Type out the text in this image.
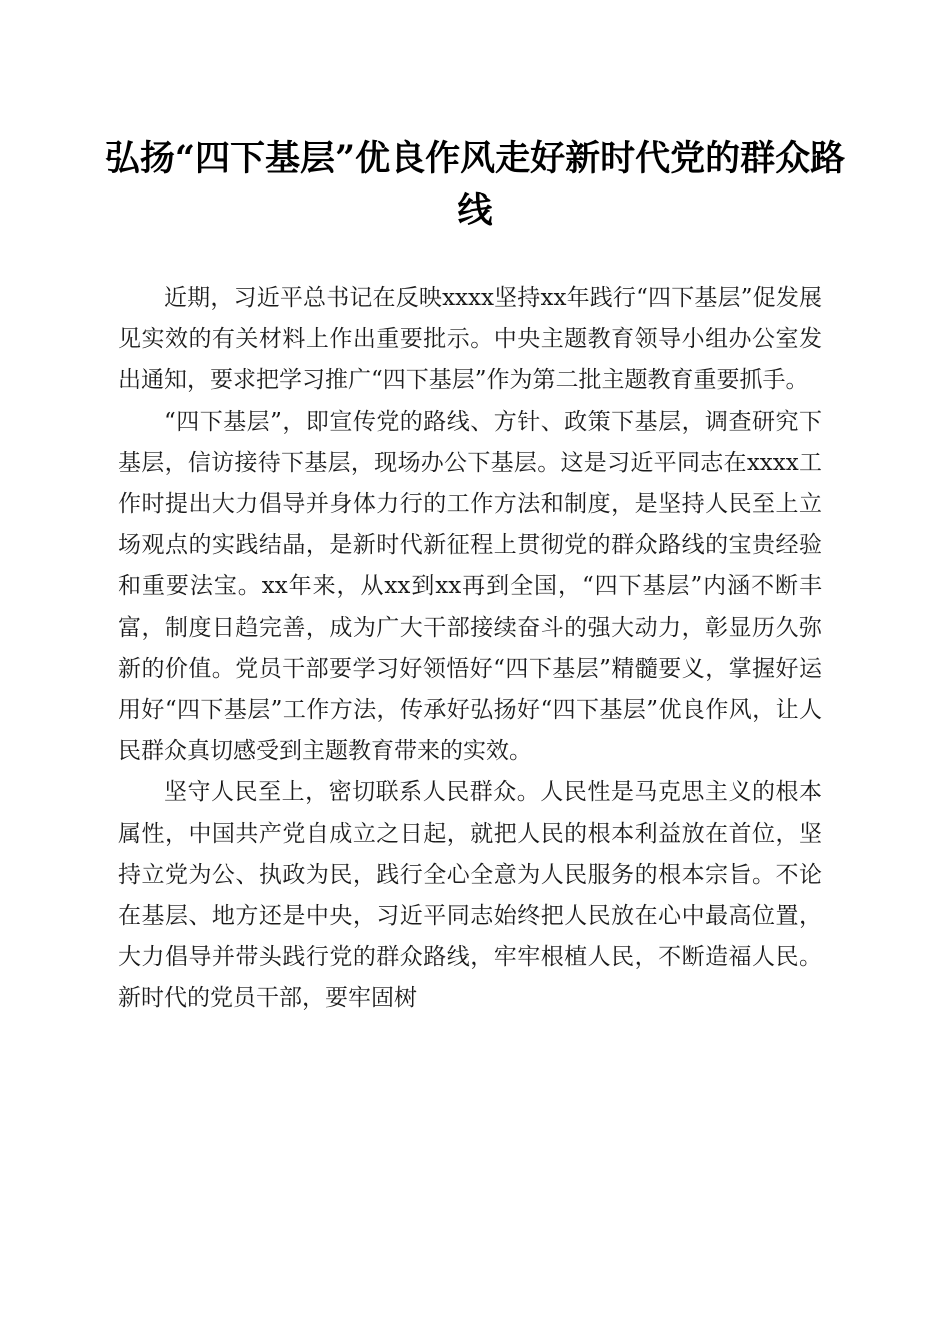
弘扬“四下基层”优良作风走好新时代党的群众路线

近期，习近平总书记在反映xxxx坚持xx年践行“四下基层”促发展见实效的有关材料上作出重要批示。中央主题教育领导小组办公室发出通知，要求把学习推广“四下基层”作为第二批主题教育重要抓手。

“四下基层”，即宣传党的路线、方针、政策下基层，调查研究下基层，信访接待下基层，现场办公下基层。这是习近平同志在xxxx工作时提出大力倡导并身体力行的工作方法和制度，是坚持人民至上立场观点的实践结晶，是新时代新征程上贯彻党的群众路线的宝贵经验和重要法宝。xx年来，从xx到xx再到全国，“四下基层”内涵不断丰富，制度日趋完善，成为广大干部接续奋斗的强大动力，彰显历久弥新的价值。党员干部要学习好领悟好“四下基层”精髓要义，掌握好运用好“四下基层”工作方法，传承好弘扬好“四下基层”优良作风，让人民群众真切感受到主题教育带来的实效。

坚守人民至上，密切联系人民群众。人民性是马克思主义的根本属性，中国共产党自成立之日起，就把人民的根本利益放在首位，坚持立党为公、执政为民，践行全心全意为人民服务的根本宗旨。不论在基层、地方还是中央，习近平同志始终把人民放在心中最高位置，大力倡导并带头践行党的群众路线，牢牢根植人民，不断造福人民。新时代的党员干部，要牢固树
